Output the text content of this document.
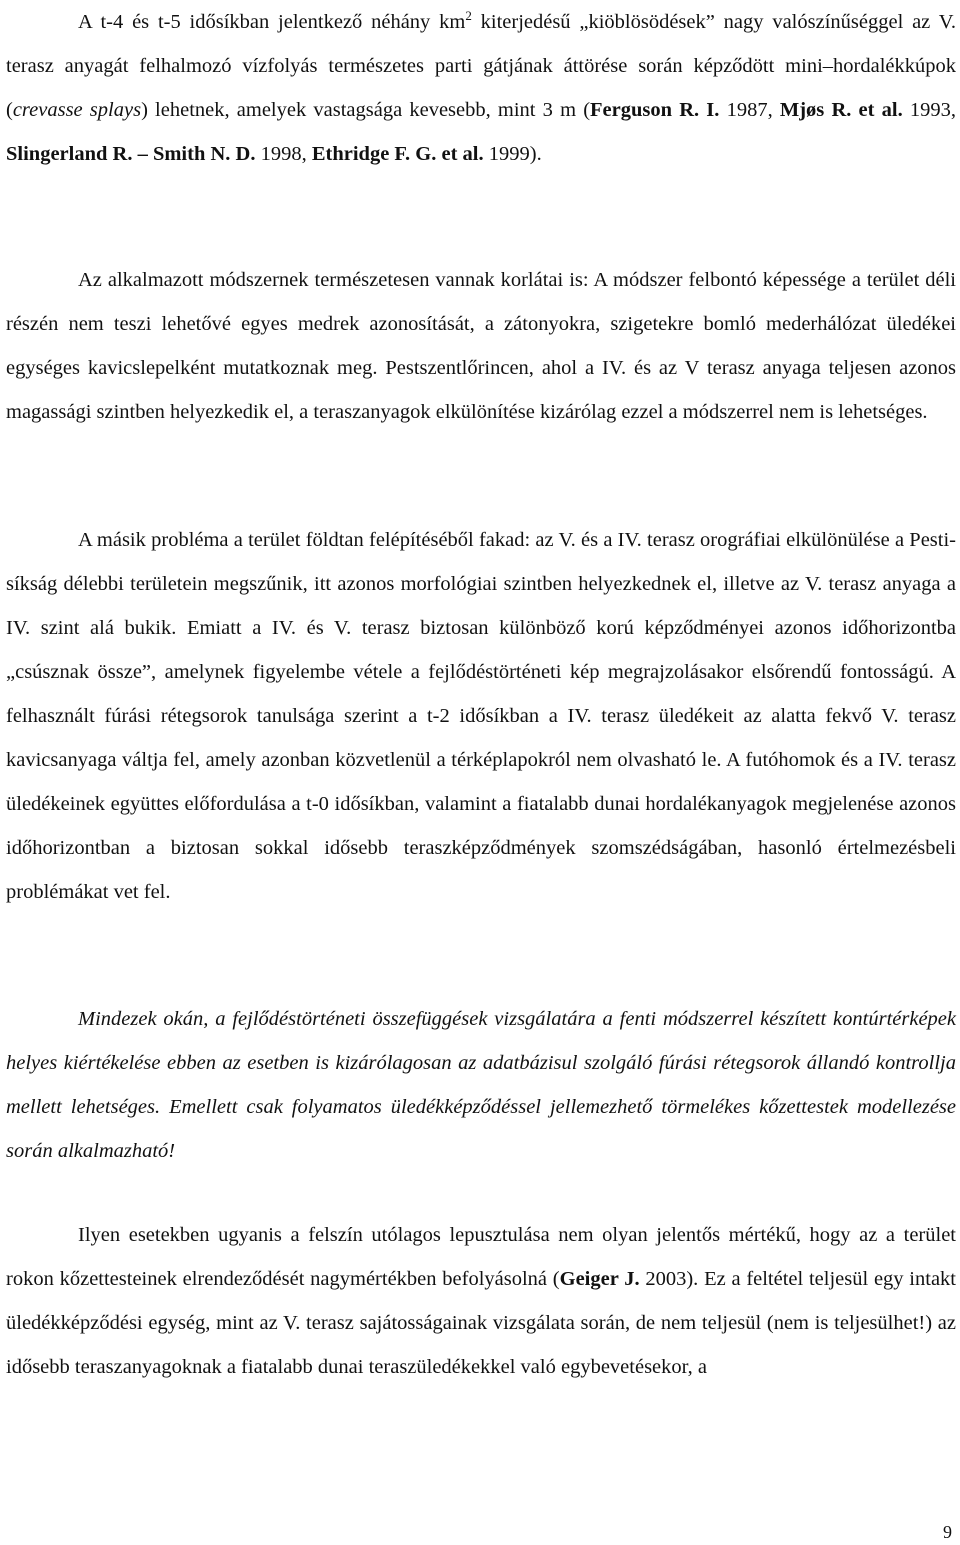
A t-4 és t-5 idősíkban jelentkező néhány $km^2$ kiterjedésű „kiöblösödések” nagy valószínűséggel az V. terasz anyagát felhalmozó vízfolyás természetes parti gátjának áttörése során képződött mini–hordalékkúpok (crevasse splays) lehetnek, amelyek vastagsága kevesebb, mint 3 m (Ferguson R. I. 1987, Mjøs R. et al. 1993, Slingerland R. – Smith N. D. 1998, Ethridge F. G. et al. 1999).

Az alkalmazott módszernek természetesen vannak korlátai is: A módszer felbontó képessége a terület déli részén nem teszi lehetővé egyes medrek azonosítását, a zátonyokra, szigetekre bomló mederhálózat üledékei egységes kavicslepelként mutatkoznak meg. Pestszentlőrincen, ahol a IV. és az V terasz anyaga teljesen azonos magassági szintben helyezkedik el, a teraszanyagok elkülönítése kizárólag ezzel a módszerrel nem is lehetséges.

A másik probléma a terület földtan felépítéséből fakad: az V. és a IV. terasz orográfiai elkülönülése a Pesti-síkság délebbi területein megszűnik, itt azonos morfológiai szintben helyezkednek el, illetve az V. terasz anyaga a IV. szint alá bukik. Emiatt a IV. és V. terasz biztosan különböző korú képződményei azonos időhorizontba „csúsznak össze”, amelynek figyelembe vétele a fejlődéstörténeti kép megrajzolásakor elsőrendű fontosságú. A felhasznált fúrási rétegsorok tanulsága szerint a t-2 idősíkban a IV. terasz üledékeit az alatta fekvő V. terasz kavicsanyaga váltja fel, amely azonban közvetlenül a térképlapokról nem olvasható le. A futóhomok és a IV. terasz üledékeinek együttes előfordulása a t-0 idősíkban, valamint a fiatalabb dunai hordalékanyagok megjelenése azonos időhorizontban a biztosan sokkal idősebb teraszképződmények szomszédságában, hasonló értelmezésbeli problémákat vet fel.

Mindezek okán, a fejlődéstörténeti összefüggések vizsgálatára a fenti módszerrel készített kontúrtérképek helyes kiértékelése ebben az esetben is kizárólagosan az adatbázisul szolgáló fúrási rétegsorok állandó kontrollja mellett lehetséges. Emellett csak folyamatos üledékképződéssel jellemezhető törmelékes kőzettestek modellezése során alkalmazható!

Ilyen esetekben ugyanis a felszín utólagos lepusztulása nem olyan jelentős mértékű, hogy az a terület rokon kőzettesteinek elrendeződését nagymértékben befolyásolná (Geiger J. 2003). Ez a feltétel teljesül egy intakt üledékképződési egység, mint az V. terasz sajátosságainak vizsgálata során, de nem teljesül (nem is teljesülhet!) az idősebb teraszanyagoknak a fiatalabb dunai teraszüledékekkel való egybevetésekor, a

9
